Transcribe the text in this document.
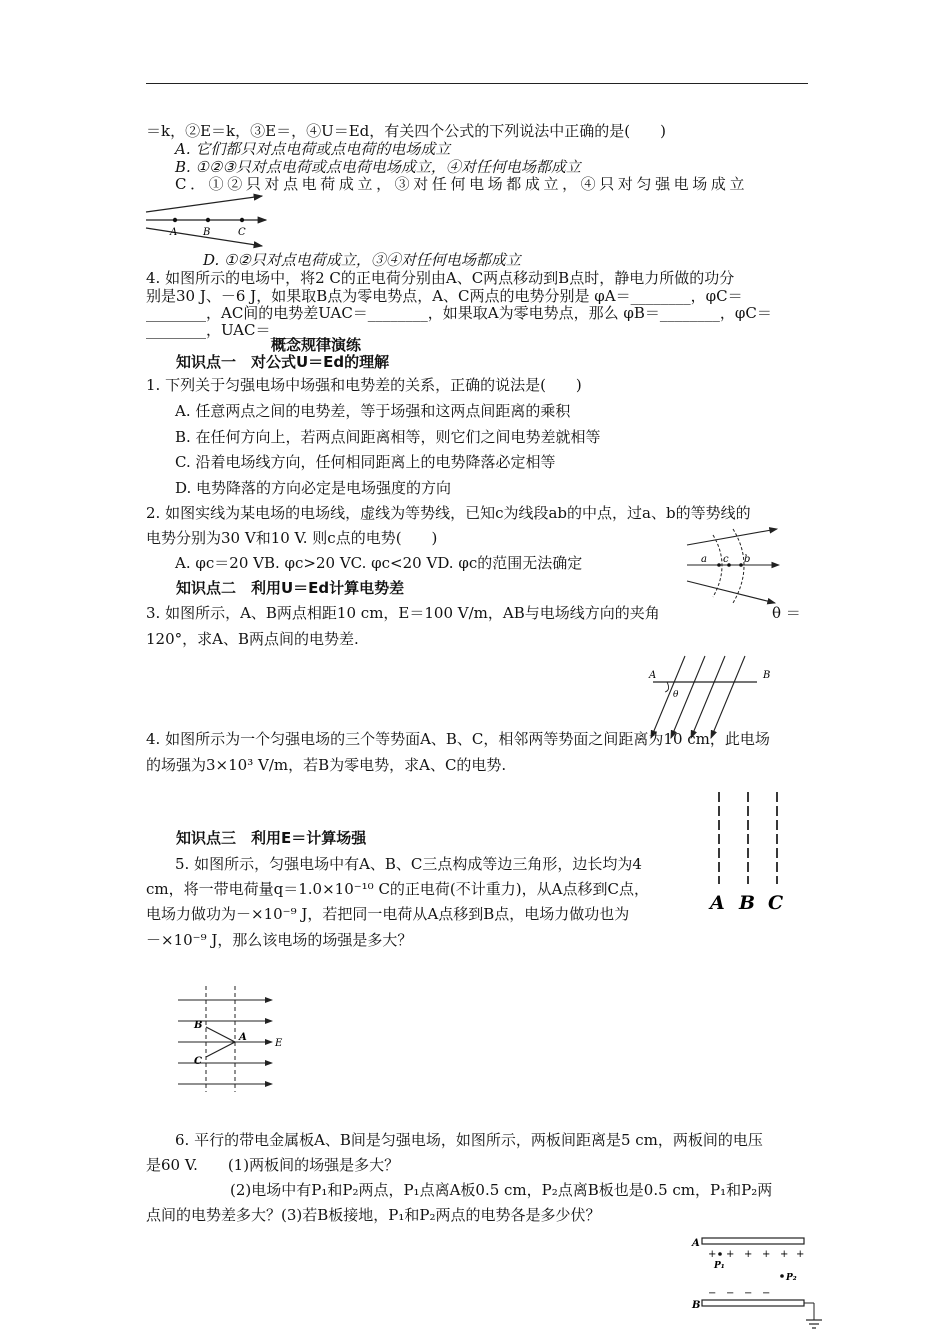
＝k，②E＝k，③E＝，④U＝Ed，有关四个公式的下列说法中正确的是(　　)
A. 它们都只对点电荷或点电荷的电场成立
B. ①②③只对点电荷或点电荷电场成立，④对任何电场都成立
C．①②只对点电荷成立，③对任何电场都成立，④只对匀强电场成立
A	B	C
D. ①②只对点电荷成立，③④对任何电场都成立
4. 如图所示的电场中，将2 C的正电荷分别由A、C两点移动到B点时，静电力所做的功分
别是30 J、－6 J，如果取B点为零电势点，A、C两点的电势分别是 φA＝________，φC＝
________，AC间的电势差UAC＝________，如果取A为零电势点，那么 φB＝________，φC＝
________，UAC＝________
概念规律演练
知识点一　对公式U＝Ed的理解
1. 下列关于匀强电场中场强和电势差的关系，正确的说法是(　　)
A. 任意两点之间的电势差，等于场强和这两点间距离的乘积
B. 在任何方向上，若两点间距离相等，则它们之间电势差就相等
C. 沿着电场线方向，任何相同距离上的电势降落必定相等
D. 电势降落的方向必定是电场强度的方向
2. 如图实线为某电场的电场线，虚线为等势线，已知c为线段ab的中点，过a、b的等势线的
电势分别为30 V和10 V. 则c点的电势(　　)
A. φc＝20 VB. φc>20 VC. φc<20 VD. φc的范围无法确定	a c b
知识点二　利用U＝Ed计算电势差
3. 如图所示，A、B两点相距10 cm，E＝100 V/m，AB与电场线方向的夹角	θ ＝
120°，求A、B两点间的电势差.
A	B
θ
4. 如图所示为一个匀强电场的三个等势面A、B、C，相邻两等势面之间距离为10 cm，此电场
的场强为3×10³ V/m，若B为零电势，求A、C的电势.
A B C
知识点三　利用E＝计算场强
5. 如图所示，匀强电场中有A、B、C三点构成等边三角形，边长均为4
cm，将一带电荷量q＝1.0×10⁻¹⁰ C的正电荷(不计重力)，从A点移到C点，
电场力做功为－×10⁻⁹ J，若把同一电荷从A点移到B点，电场力做功也为
－×10⁻⁹ J，那么该电场的场强是多大？
B
A
C
E
6. 平行的带电金属板A、B间是匀强电场，如图所示，两板间距离是5 cm，两板间的电压
是60 V.　　(1)两板间的场强是多大？
(2)电场中有P₁和P₂两点，P₁点离A板0.5 cm，P₂点离B板也是0.5 cm，P₁和P₂两
点间的电势差多大？(3)若B板接地，P₁和P₂两点的电势各是多少伏？
A
B
+ + + + + +
− − − −
P₁
P₂
